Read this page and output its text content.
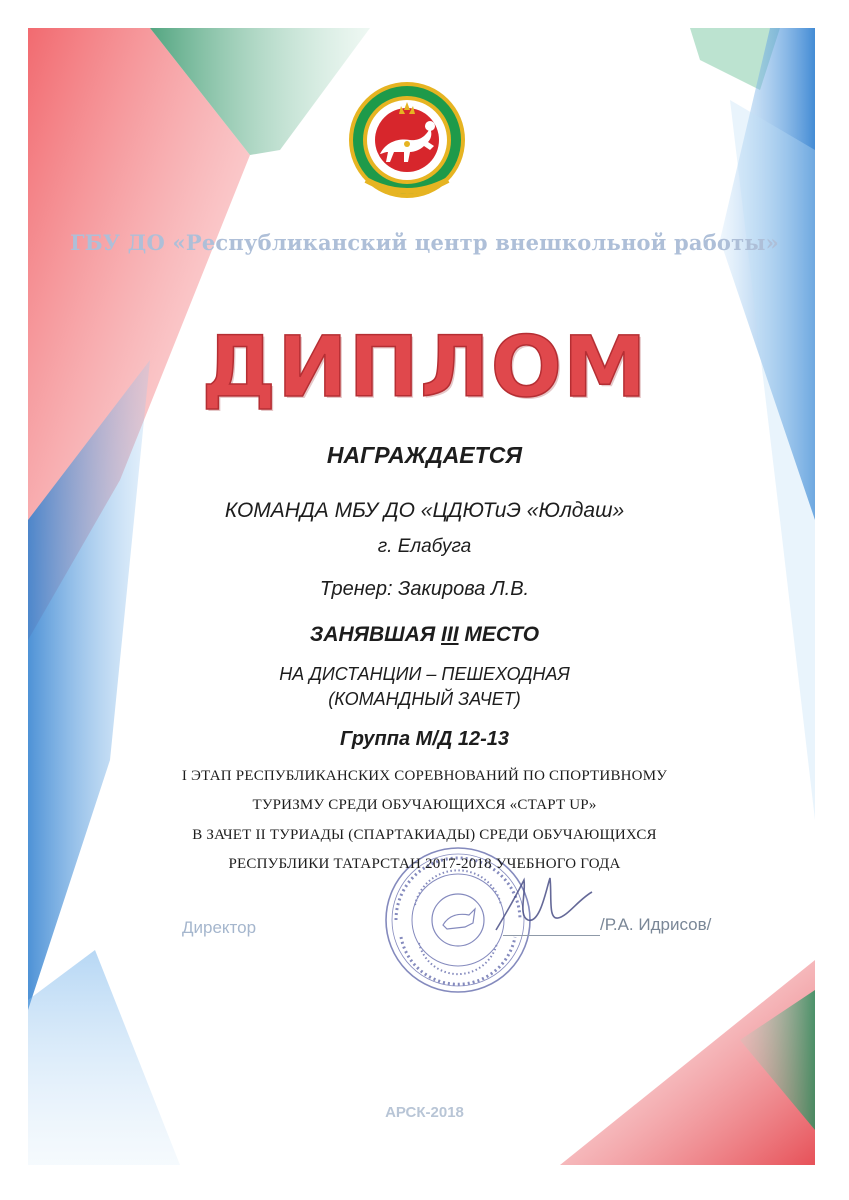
ГБУ ДО «Республиканский центр внешкольной работы»
ДИПЛОМ
НАГРАЖДАЕТСЯ
КОМАНДА МБУ ДО «ЦДЮТиЭ «Юлдаш»
г. Елабуга
Тренер: Закирова Л.В.
ЗАНЯВШАЯ III МЕСТО
НА ДИСТАНЦИИ – ПЕШЕХОДНАЯ
(КОМАНДНЫЙ ЗАЧЕТ)
Группа М/Д 12-13
I ЭТАП РЕСПУБЛИКАНСКИХ СОРЕВНОВАНИЙ ПО СПОРТИВНОМУ
ТУРИЗМУ СРЕДИ ОБУЧАЮЩИХСЯ «СТАРТ UP»
В ЗАЧЕТ II ТУРИАДЫ (СПАРТАКИАДЫ) СРЕДИ ОБУЧАЮЩИХСЯ
РЕСПУБЛИКИ ТАТАРСТАН 2017-2018 УЧЕБНОГО ГОДА
Директор	/Р.А. Идрисов/
АРСК-2018
